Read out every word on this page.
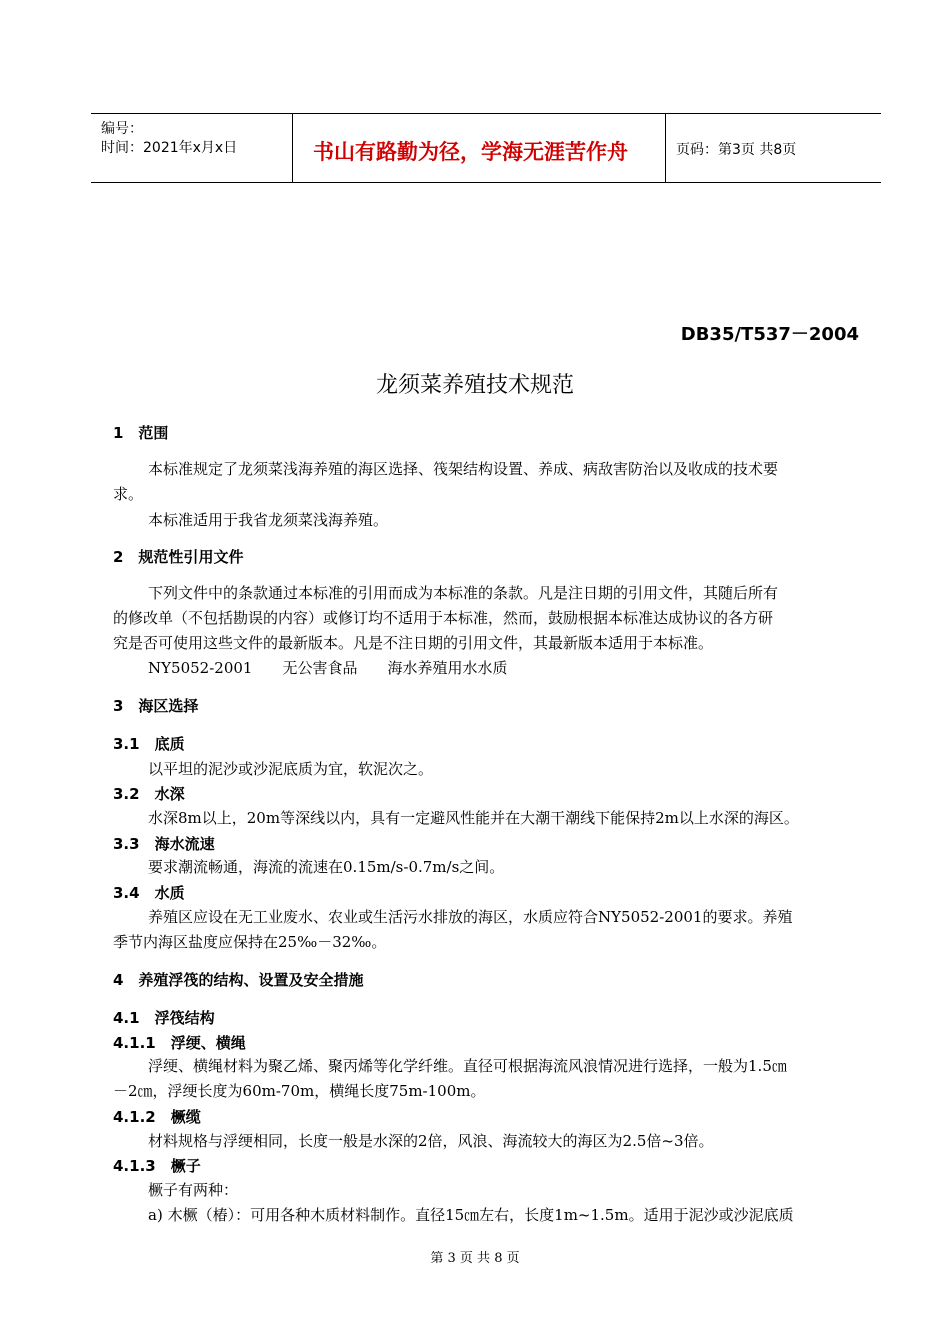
编号：
时间：2021年x月x日	书山有路勤为径，学海无涯苦作舟	页码：第3页 共8页
DB35/T537－2004
龙须菜养殖技术规范
1　范围
本标准规定了龙须菜浅海养殖的海区选择、筏架结构设置、养成、病敌害防治以及收成的技术要
求。
本标准适用于我省龙须菜浅海养殖。
2　规范性引用文件
下列文件中的条款通过本标准的引用而成为本标准的条款。凡是注日期的引用文件，其随后所有
的修改单（不包括勘误的内容）或修订均不适用于本标准，然而，鼓励根据本标准达成协议的各方研
究是否可使用这些文件的最新版本。凡是不注日期的引用文件，其最新版本适用于本标准。
NY5052-2001　　无公害食品　　海水养殖用水水质
3　海区选择
3.1　底质
以平坦的泥沙或沙泥底质为宜，软泥次之。
3.2　水深
水深8m以上，20m等深线以内，具有一定避风性能并在大潮干潮线下能保持2m以上水深的海区。
3.3　海水流速
要求潮流畅通，海流的流速在0.15m/s-0.7m/s之间。
3.4　水质
养殖区应设在无工业废水、农业或生活污水排放的海区，水质应符合NY5052-2001的要求。养殖
季节内海区盐度应保持在25‰－32‰。
4　养殖浮筏的结构、设置及安全措施
4.1　浮筏结构
4.1.1　浮绠、横绳
浮绠、横绳材料为聚乙烯、聚丙烯等化学纤维。直径可根据海流风浪情况进行选择，一般为1.5㎝
－2㎝，浮绠长度为60m-70m，横绳长度75m-100m。
4.1.2　橛缆
材料规格与浮绠相同，长度一般是水深的2倍，风浪、海流较大的海区为2.5倍~3倍。
4.1.3　橛子
橛子有两种：
a) 木橛（椿）：可用各种木质材料制作。直径15㎝左右，长度1m~1.5m。适用于泥沙或沙泥底质
第 3 页 共 8 页
